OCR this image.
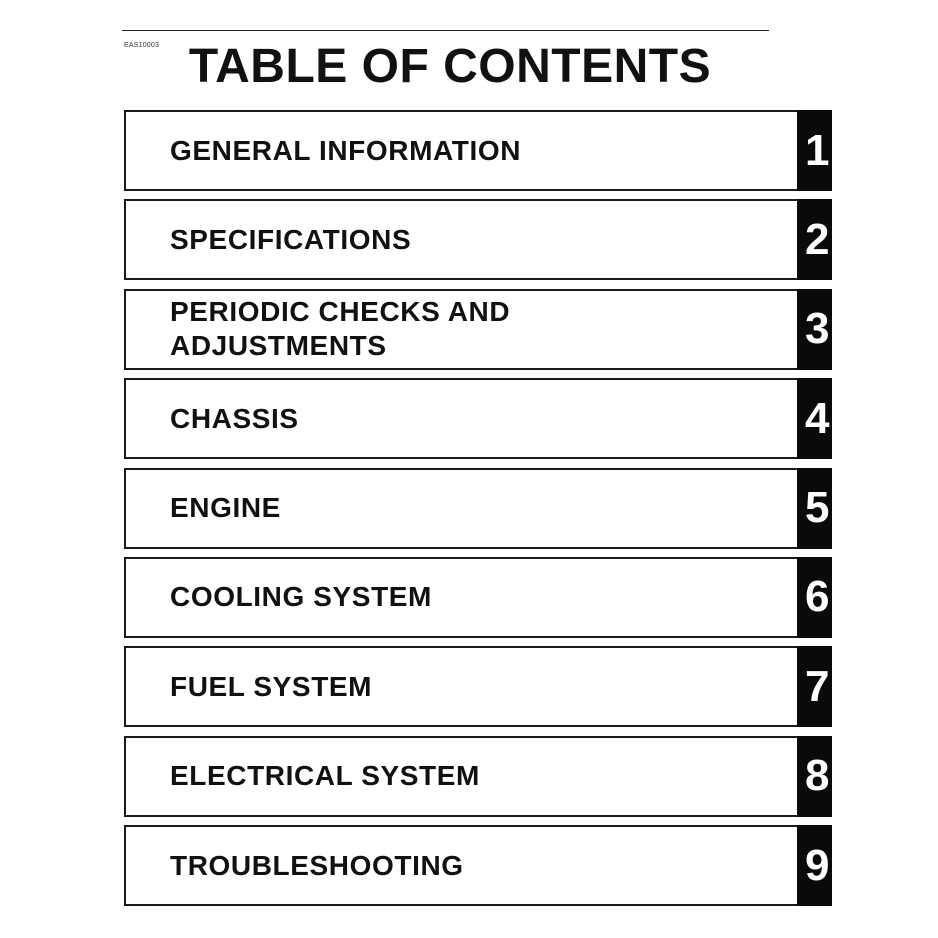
EAS10003 TABLE OF CONTENTS
GENERAL INFORMATION	1
SPECIFICATIONS	2
PERIODIC CHECKS AND
ADJUSTMENTS	3
CHASSIS	4
ENGINE	5
COOLING SYSTEM	6
FUEL SYSTEM	7
ELECTRICAL SYSTEM	8
TROUBLESHOOTING	9
